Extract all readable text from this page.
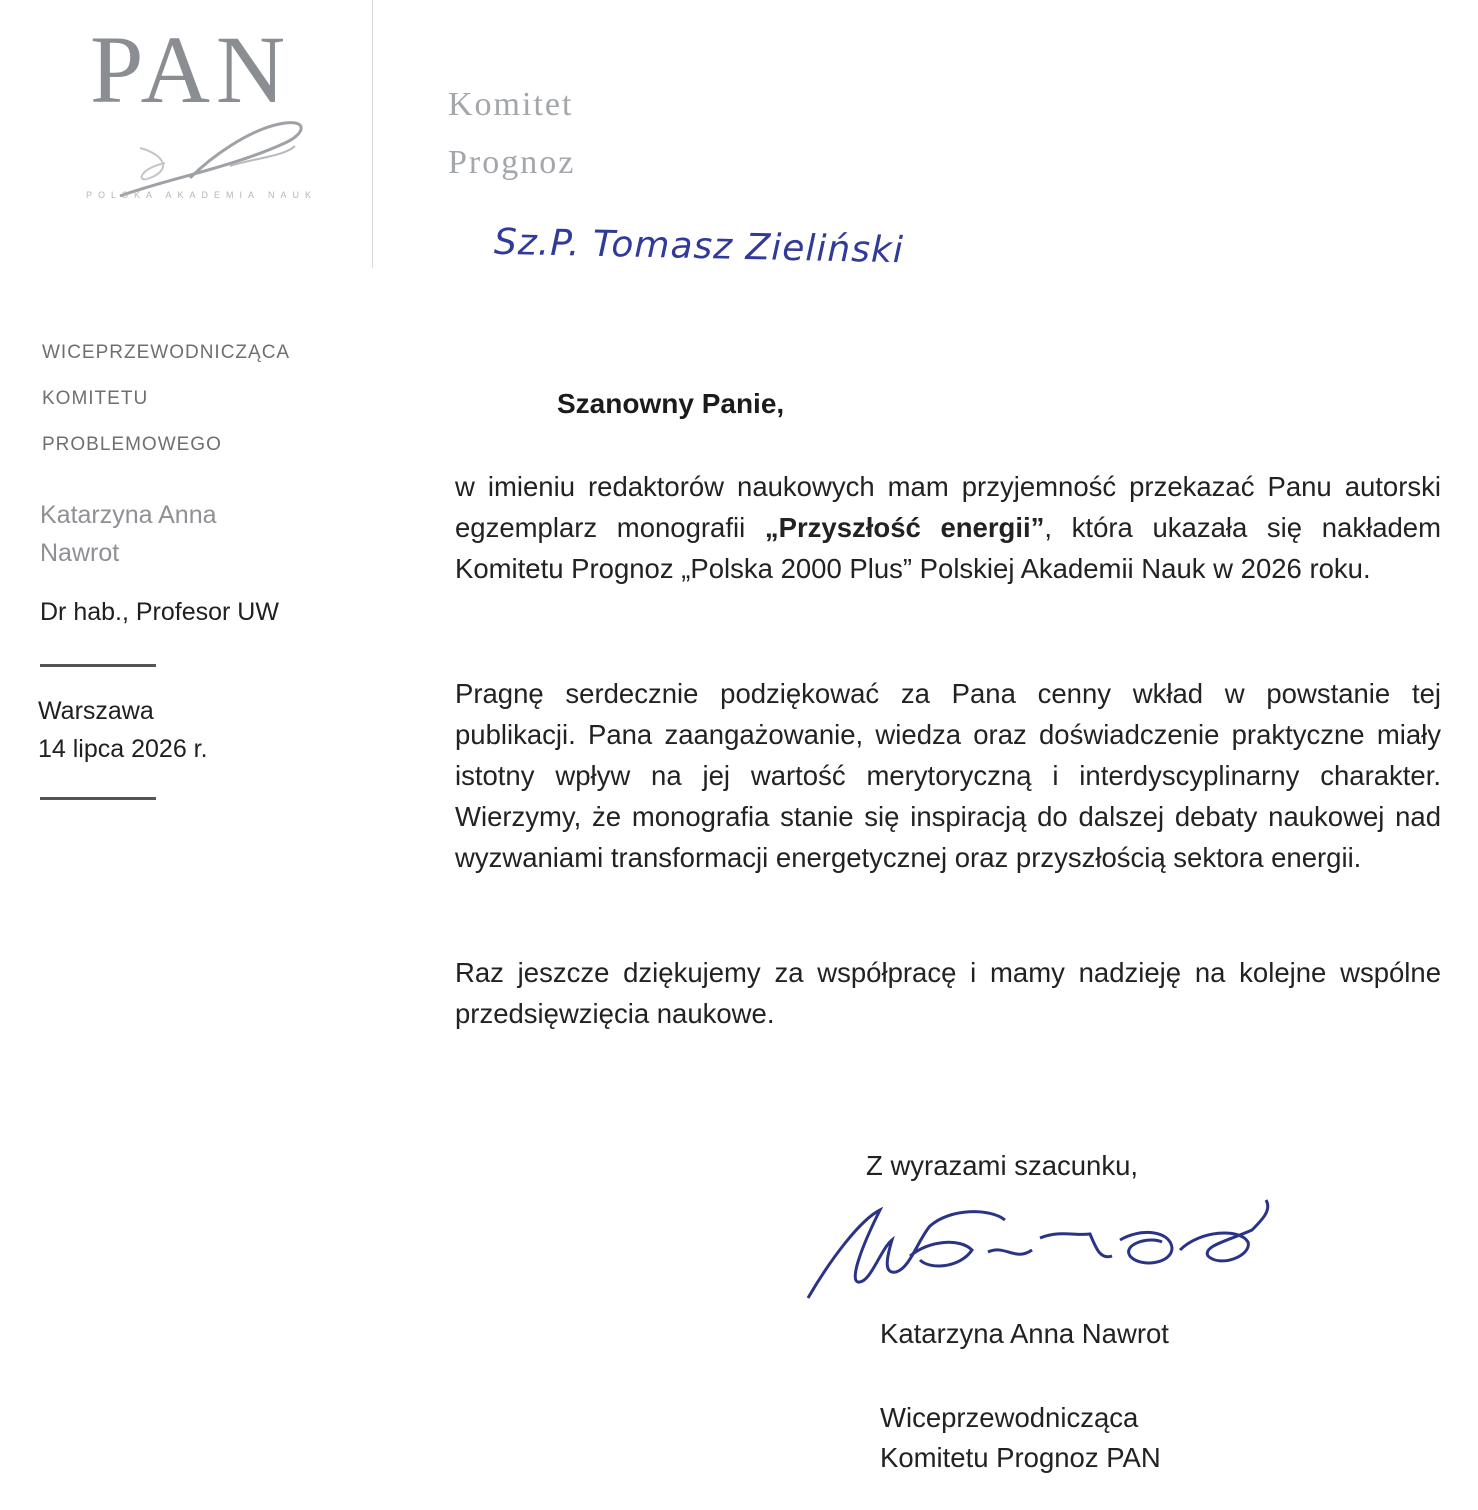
PAN
POLSKA AKADEMIA NAUK
Komitet
Prognoz
Sz.P. Tomasz Zieliński
WICEPRZEWODNICZĄCA
KOMITETU
PROBLEMOWEGO
Katarzyna Anna
Nawrot
Dr hab., Profesor UW
Warszawa
14 lipca 2026 r.
Szanowny Panie,

w imieniu redaktorów naukowych mam przyjemność przekazać Panu autorski egzemplarz monografii „Przyszłość energii”, która ukazała się nakładem Komitetu Prognoz „Polska 2000 Plus” Polskiej Akademii Nauk w 2026 roku.

Pragnę serdecznie podziękować za Pana cenny wkład w powstanie tej publikacji. Pana zaangażowanie, wiedza oraz doświadczenie praktyczne miały istotny wpływ na jej wartość merytoryczną i interdyscyplinarny charakter. Wierzymy, że monografia stanie się inspiracją do dalszej debaty naukowej nad wyzwaniami transformacji energetycznej oraz przyszłością sektora energii.

Raz jeszcze dziękujemy za współpracę i mamy nadzieję na kolejne wspólne przedsięwzięcia naukowe.

Z wyrazami szacunku,
Katarzyna Anna Nawrot
Wiceprzewodnicząca
Komitetu Prognoz PAN
